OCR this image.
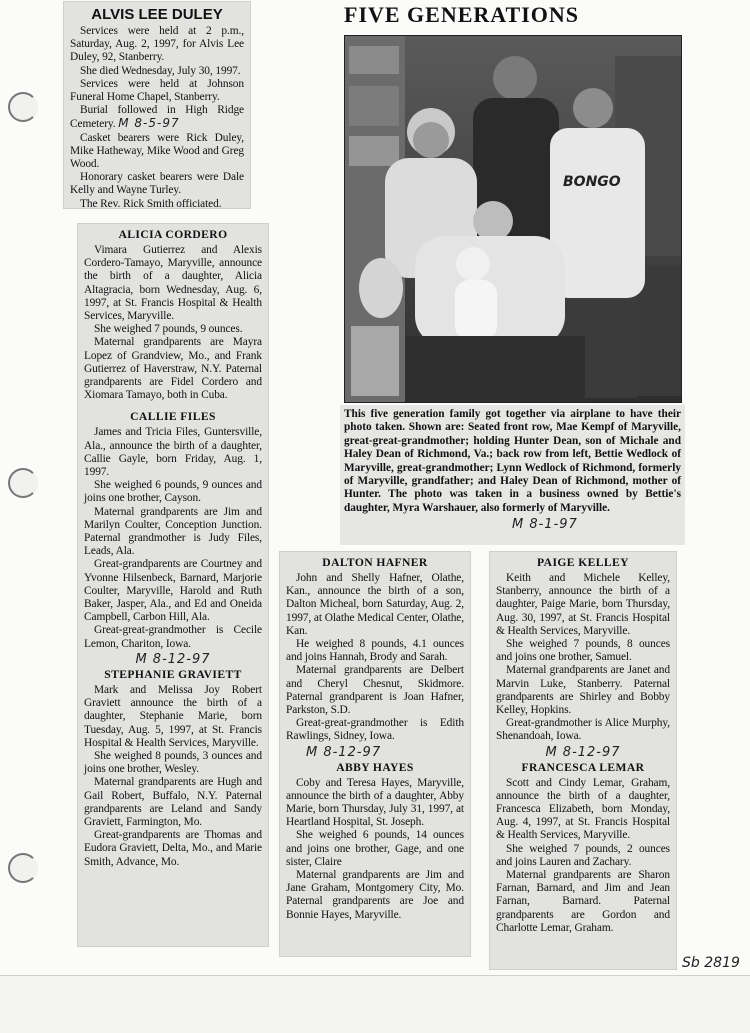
ALVIS LEE DULEY

Services were held at 2 p.m., Saturday, Aug. 2, 1997, for Alvis Lee Duley, 92, Stanberry.

She died Wednesday, July 30, 1997.

Services were held at Johnson Funeral Home Chapel, Stanberry.

Burial followed in High Ridge Cemetery. M 8-5-97

Casket bearers were Rick Duley, Mike Hatheway, Mike Wood and Greg Wood.

Honorary casket bearers were Dale Kelly and Wayne Turley.

The Rev. Rick Smith officiated.

ALICIA CORDERO

Vimara Gutierrez and Alexis Cordero-Tamayo, Maryville, announce the birth of a daughter, Alicia Altagracia, born Wednesday, Aug. 6, 1997, at St. Francis Hospital & Health Services, Maryville.

She weighed 7 pounds, 9 ounces.

Maternal grandparents are Mayra Lopez of Grandview, Mo., and Frank Gutierrez of Haverstraw, N.Y. Paternal grandparents are Fidel Cordero and Xiomara Tamayo, both in Cuba.

CALLIE FILES

James and Tricia Files, Guntersville, Ala., announce the birth of a daughter, Callie Gayle, born Friday, Aug. 1, 1997.

She weighed 6 pounds, 9 ounces and joins one brother, Cayson.

Maternal grandparents are Jim and Marilyn Coulter, Conception Junction. Paternal grandmother is Judy Files, Leads, Ala.

Great-grandparents are Courtney and Yvonne Hilsenbeck, Barnard, Marjorie Coulter, Maryville, Harold and Ruth Baker, Jasper, Ala., and Ed and Oneida Campbell, Carbon Hill, Ala.

Great-great-grandmother is Cecile Lemon, Chariton, Iowa.

M 8-12-97
STEPHANIE GRAVIETT

Mark and Melissa Joy Robert Graviett announce the birth of a daughter, Stephanie Marie, born Tuesday, Aug. 5, 1997, at St. Francis Hospital & Health Services, Maryville.

She weighed 8 pounds, 3 ounces and joins one brother, Wesley.

Maternal grandparents are Hugh and Gail Robert, Buffalo, N.Y. Paternal grandparents are Leland and Sandy Graviett, Farmington, Mo.

Great-grandparents are Thomas and Eudora Graviett, Delta, Mo., and Marie Smith, Advance, Mo.

FIVE GENERATIONS
BONGO

This five generation family got together via airplane to have their photo taken. Shown are: Seated front row, Mae Kempf of Maryville, great-great-grandmother; holding Hunter Dean, son of Michale and Haley Dean of Richmond, Va.; back row from left, Bettie Wedlock of Maryville, great-grandmother; Lynn Wedlock of Richmond, formerly of Maryville, grandfather; and Haley Dean of Richmond, mother of Hunter. The photo was taken in a business owned by Bettie's daughter, Myra Warshauer, also formerly of Maryville.

M 8-1-97
DALTON HAFNER

John and Shelly Hafner, Olathe, Kan., announce the birth of a son, Dalton Micheal, born Saturday, Aug. 2, 1997, at Olathe Medical Center, Olathe, Kan.

He weighed 8 pounds, 4.1 ounces and joins Hannah, Brody and Sarah.

Maternal grandparents are Delbert and Cheryl Chesnut, Skidmore. Paternal grandparent is Joan Hafner, Parkston, S.D.

Great-great-grandmother is Edith Rawlings, Sidney, Iowa.

M 8-12-97
ABBY HAYES

Coby and Teresa Hayes, Maryville, announce the birth of a daughter, Abby Marie, born Thursday, July 31, 1997, at Heartland Hospital, St. Joseph.

She weighed 6 pounds, 14 ounces and joins one brother, Gage, and one sister, Claire

Maternal grandparents are Jim and Jane Graham, Montgomery City, Mo. Paternal grandparents are Joe and Bonnie Hayes, Maryville.

PAIGE KELLEY

Keith and Michele Kelley, Stanberry, announce the birth of a daughter, Paige Marie, born Thursday, Aug. 30, 1997, at St. Francis Hospital & Health Services, Maryville.

She weighed 7 pounds, 8 ounces and joins one brother, Samuel.

Maternal grandparents are Janet and Marvin Luke, Stanberry. Paternal grandparents are Shirley and Bobby Kelley, Hopkins.

Great-grandmother is Alice Murphy, Shenandoah, Iowa.

M 8-12-97
FRANCESCA LEMAR

Scott and Cindy Lemar, Graham, announce the birth of a daughter, Francesca Elizabeth, born Monday, Aug. 4, 1997, at St. Francis Hospital & Health Services, Maryville.

She weighed 7 pounds, 2 ounces and joins Lauren and Zachary.

Maternal grandparents are Sharon Farnan, Barnard, and Jim and Jean Farnan, Barnard. Paternal grandparents are Gordon and Charlotte Lemar, Graham.

Sb 2819
